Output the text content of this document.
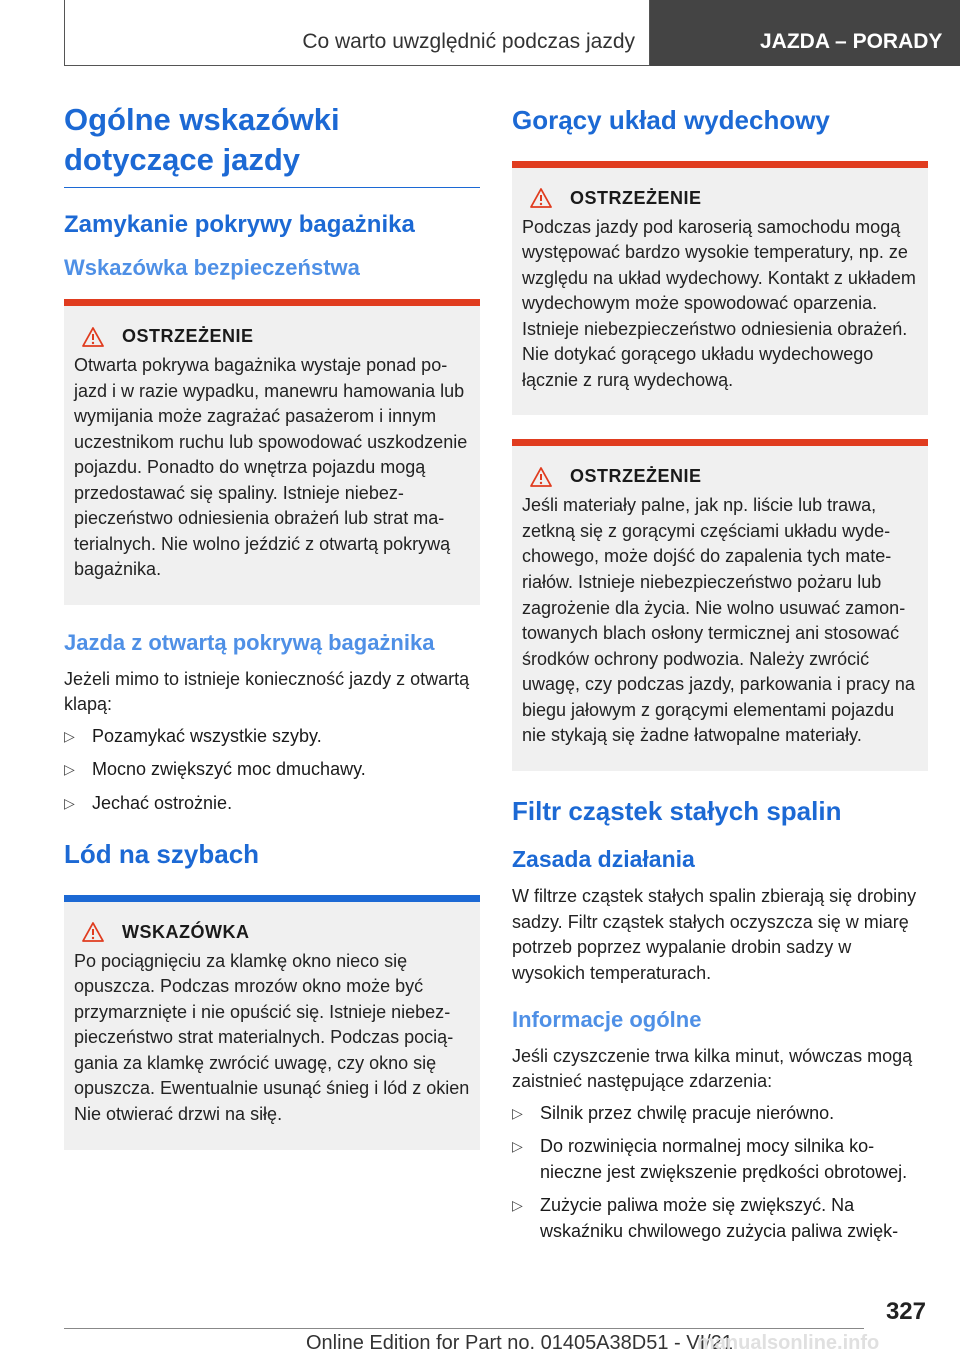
Co warto uwzględnić podczas jazdy	JAZDA – PORADY
Ogólne wskazówki
dotyczące jazdy
Zamykanie pokrywy bagażnika
Wskazówka bezpieczeństwa
OSTRZEŻENIE
Otwarta pokrywa bagażnika wystaje ponad pojazd i w razie wypadku, manewru hamowania lub wymijania może zagrażać pasażerom i innym uczestnikom ruchu lub spowodować uszkodzenie pojazdu. Ponadto do wnętrza pojazdu mogą przedostawać się spaliny. Istnieje niebezpieczeństwo odniesienia obrażeń lub strat materialnych. Nie wolno jeździć z otwartą pokrywą bagażnika.
Jazda z otwartą pokrywą bagażnika
Jeżeli mimo to istnieje konieczność jazdy z otwartą klapą:
▷ Pozamykać wszystkie szyby.
▷ Mocno zwiększyć moc dmuchawy.
▷ Jechać ostrożnie.
Lód na szybach
WSKAZÓWKA
Po pociągnięciu za klamkę okno nieco się opuszcza. Podczas mrozów okno może być przymarznięte i nie opuścić się. Istnieje niebezpieczeństwo strat materialnych. Podczas pociągania za klamkę zwrócić uwagę, czy okno się opuszcza. Ewentualnie usunąć śnieg i lód z okien Nie otwierać drzwi na siłę.
Gorący układ wydechowy
OSTRZEŻENIE
Podczas jazdy pod karoserią samochodu mogą występować bardzo wysokie temperatury, np. ze względu na układ wydechowy. Kontakt z układem wydechowym może spowodować oparzenia. Istnieje niebezpieczeństwo odniesienia obrażeń. Nie dotykać gorącego układu wydechowego łącznie z rurą wydechową.
OSTRZEŻENIE
Jeśli materiały palne, jak np. liście lub trawa, zetkną się z gorącymi częściami układu wydechowego, może dojść do zapalenia tych materiałów. Istnieje niebezpieczeństwo pożaru lub zagrożenie dla życia. Nie wolno usuwać zamontowanych blach osłony termicznej ani stosować środków ochrony podwozia. Należy zwrócić uwagę, czy podczas jazdy, parkowania i pracy na biegu jałowym z gorącymi elementami pojazdu nie stykają się żadne łatwopalne materiały.
Filtr cząstek stałych spalin
Zasada działania
W filtrze cząstek stałych spalin zbierają się drobiny sadzy. Filtr cząstek stałych oczyszcza się w miarę potrzeb poprzez wypalanie drobin sadzy w wysokich temperaturach.
Informacje ogólne
Jeśli czyszczenie trwa kilka minut, wówczas mogą zaistnieć następujące zdarzenia:
▷ Silnik przez chwilę pracuje nierówno.
▷ Do rozwinięcia normalnej mocy silnika konieczne jest zwiększenie prędkości obrotowej.
▷ Zużycie paliwa może się zwiększyć. Na wskaźniku chwilowego zużycia paliwa zwięk-
327
Online Edition for Part no. 01405A38D51 - VI/21
manualsonline.info
